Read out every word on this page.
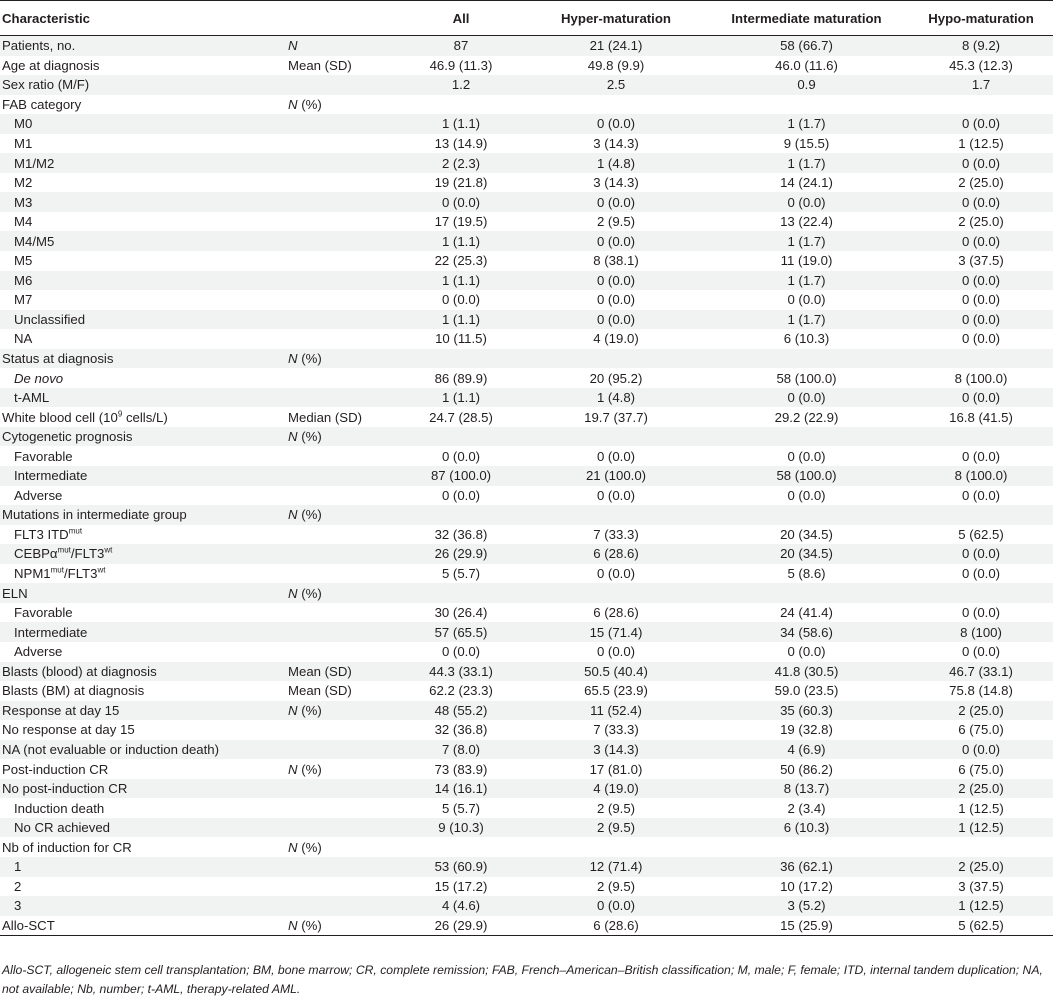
Characteristic		All	Hyper-maturation	Intermediate maturation	Hypo-maturation
Patients, no.	N	87	21 (24.1)	58 (66.7)	8 (9.2)
Age at diagnosis	Mean (SD)	46.9 (11.3)	49.8 (9.9)	46.0 (11.6)	45.3 (12.3)
Sex ratio (M/F)		1.2	2.5	0.9	1.7
FAB category	N (%)				
M0		1 (1.1)	0 (0.0)	1 (1.7)	0 (0.0)
M1		13 (14.9)	3 (14.3)	9 (15.5)	1 (12.5)
M1/M2		2 (2.3)	1 (4.8)	1 (1.7)	0 (0.0)
M2		19 (21.8)	3 (14.3)	14 (24.1)	2 (25.0)
M3		0 (0.0)	0 (0.0)	0 (0.0)	0 (0.0)
M4		17 (19.5)	2 (9.5)	13 (22.4)	2 (25.0)
M4/M5		1 (1.1)	0 (0.0)	1 (1.7)	0 (0.0)
M5		22 (25.3)	8 (38.1)	11 (19.0)	3 (37.5)
M6		1 (1.1)	0 (0.0)	1 (1.7)	0 (0.0)
M7		0 (0.0)	0 (0.0)	0 (0.0)	0 (0.0)
Unclassified		1 (1.1)	0 (0.0)	1 (1.7)	0 (0.0)
NA		10 (11.5)	4 (19.0)	6 (10.3)	0 (0.0)
Status at diagnosis	N (%)				
De novo		86 (89.9)	20 (95.2)	58 (100.0)	8 (100.0)
t-AML		1 (1.1)	1 (4.8)	0 (0.0)	0 (0.0)
White blood cell ($10^9$ cells/L)	Median (SD)	24.7 (28.5)	19.7 (37.7)	29.2 (22.9)	16.8 (41.5)
Cytogenetic prognosis	N (%)				
Favorable		0 (0.0)	0 (0.0)	0 (0.0)	0 (0.0)
Intermediate		87 (100.0)	21 (100.0)	58 (100.0)	8 (100.0)
Adverse		0 (0.0)	0 (0.0)	0 (0.0)	0 (0.0)
Mutations in intermediate group	N (%)				
FLT3 $ITD^{mut}$		32 (36.8)	7 (33.3)	20 (34.5)	5 (62.5)
$CEBP\alpha^{mut}/FLT3^{wt}$		26 (29.9)	6 (28.6)	20 (34.5)	0 (0.0)
$NPM1^{mut}/FLT3^{wt}$		5 (5.7)	0 (0.0)	5 (8.6)	0 (0.0)
ELN	N (%)				
Favorable		30 (26.4)	6 (28.6)	24 (41.4)	0 (0.0)
Intermediate		57 (65.5)	15 (71.4)	34 (58.6)	8 (100)
Adverse		0 (0.0)	0 (0.0)	0 (0.0)	0 (0.0)
Blasts (blood) at diagnosis	Mean (SD)	44.3 (33.1)	50.5 (40.4)	41.8 (30.5)	46.7 (33.1)
Blasts (BM) at diagnosis	Mean (SD)	62.2 (23.3)	65.5 (23.9)	59.0 (23.5)	75.8 (14.8)
Response at day 15	N (%)	48 (55.2)	11 (52.4)	35 (60.3)	2 (25.0)
No response at day 15		32 (36.8)	7 (33.3)	19 (32.8)	6 (75.0)
NA (not evaluable or induction death)		7 (8.0)	3 (14.3)	4 (6.9)	0 (0.0)
Post-induction CR	N (%)	73 (83.9)	17 (81.0)	50 (86.2)	6 (75.0)
No post-induction CR		14 (16.1)	4 (19.0)	8 (13.7)	2 (25.0)
Induction death		5 (5.7)	2 (9.5)	2 (3.4)	1 (12.5)
No CR achieved		9 (10.3)	2 (9.5)	6 (10.3)	1 (12.5)
Nb of induction for CR	N (%)				
1		53 (60.9)	12 (71.4)	36 (62.1)	2 (25.0)
2		15 (17.2)	2 (9.5)	10 (17.2)	3 (37.5)
3		4 (4.6)	0 (0.0)	3 (5.2)	1 (12.5)
Allo-SCT	N (%)	26 (29.9)	6 (28.6)	15 (25.9)	5 (62.5)
Allo-SCT, allogeneic stem cell transplantation; BM, bone marrow; CR, complete remission; FAB, French–American–British classification; M, male; F, female; ITD, internal tandem duplication; NA, not available; Nb, number; t-AML, therapy-related AML.
